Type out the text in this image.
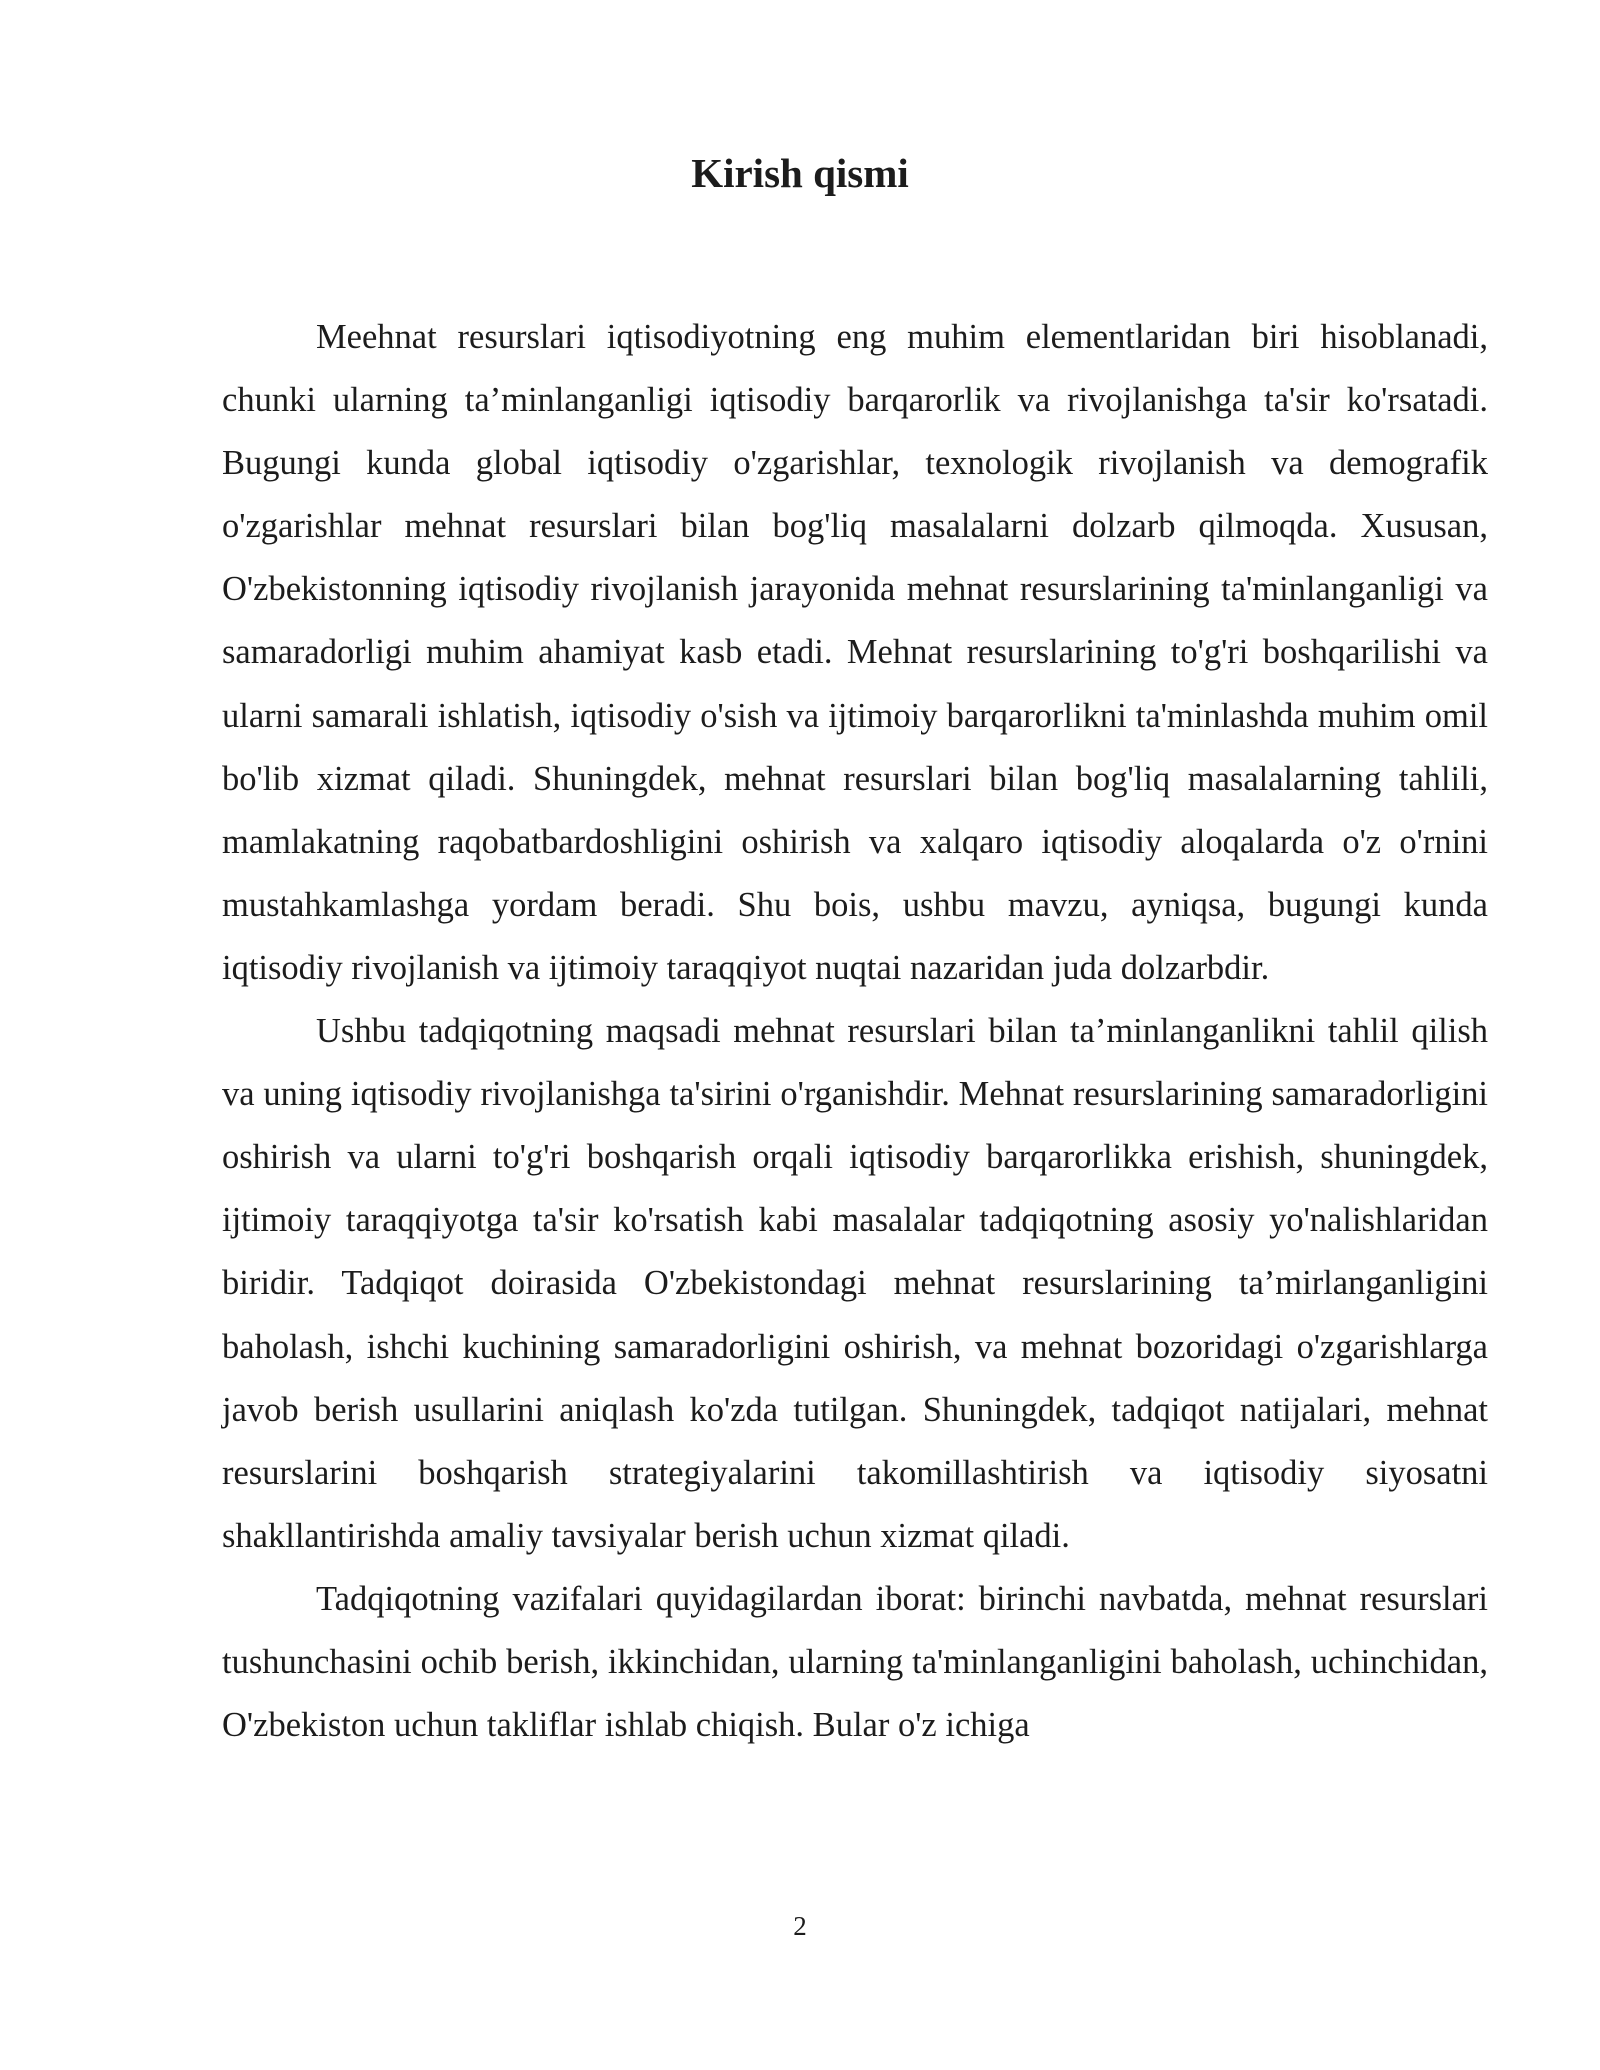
Kirish qismi

Meehnat resurslari iqtisodiyotning eng muhim elementlaridan biri hisoblanadi, chunki ularning ta’minlanganligi iqtisodiy barqarorlik va rivojlanishga ta'sir ko'rsatadi. Bugungi kunda global iqtisodiy o'zgarishlar, texnologik rivojlanish va demografik o'zgarishlar mehnat resurslari bilan bog'liq masalalarni dolzarb qilmoqda. Xususan, O'zbekistonning iqtisodiy rivojlanish jarayonida mehnat resurslarining ta'minlanganligi va samaradorligi muhim ahamiyat kasb etadi. Mehnat resurslarining to'g'ri boshqarilishi va ularni samarali ishlatish, iqtisodiy o'sish va ijtimoiy barqarorlikni ta'minlashda muhim omil bo'lib xizmat qiladi. Shuningdek, mehnat resurslari bilan bog'liq masalalarning tahlili, mamlakatning raqobatbardoshligini oshirish va xalqaro iqtisodiy aloqalarda o'z o'rnini mustahkamlashga yordam beradi. Shu bois, ushbu mavzu, ayniqsa, bugungi kunda iqtisodiy rivojlanish va ijtimoiy taraqqiyot nuqtai nazaridan juda dolzarbdir.

Ushbu tadqiqotning maqsadi mehnat resurslari bilan ta’minlanganlikni tahlil qilish va uning iqtisodiy rivojlanishga ta'sirini o'rganishdir. Mehnat resurslarining samaradorligini oshirish va ularni to'g'ri boshqarish orqali iqtisodiy barqarorlikka erishish, shuningdek, ijtimoiy taraqqiyotga ta'sir ko'rsatish kabi masalalar tadqiqotning asosiy yo'nalishlaridan biridir. Tadqiqot doirasida O'zbekistondagi mehnat resurslarining ta’mirlanganligini baholash, ishchi kuchining samaradorligini oshirish, va mehnat bozoridagi o'zgarishlarga javob berish usullarini aniqlash ko'zda tutilgan. Shuningdek, tadqiqot natijalari, mehnat resurslarini boshqarish strategiyalarini takomillashtirish va iqtisodiy siyosatni shakllantirishda amaliy tavsiyalar berish uchun xizmat qiladi.

Tadqiqotning vazifalari quyidagilardan iborat: birinchi navbatda, mehnat resurslari tushunchasini ochib berish, ikkinchidan, ularning ta'minlanganligini baholash, uchinchidan, O'zbekiston uchun takliflar ishlab chiqish. Bular o'z ichiga

2
